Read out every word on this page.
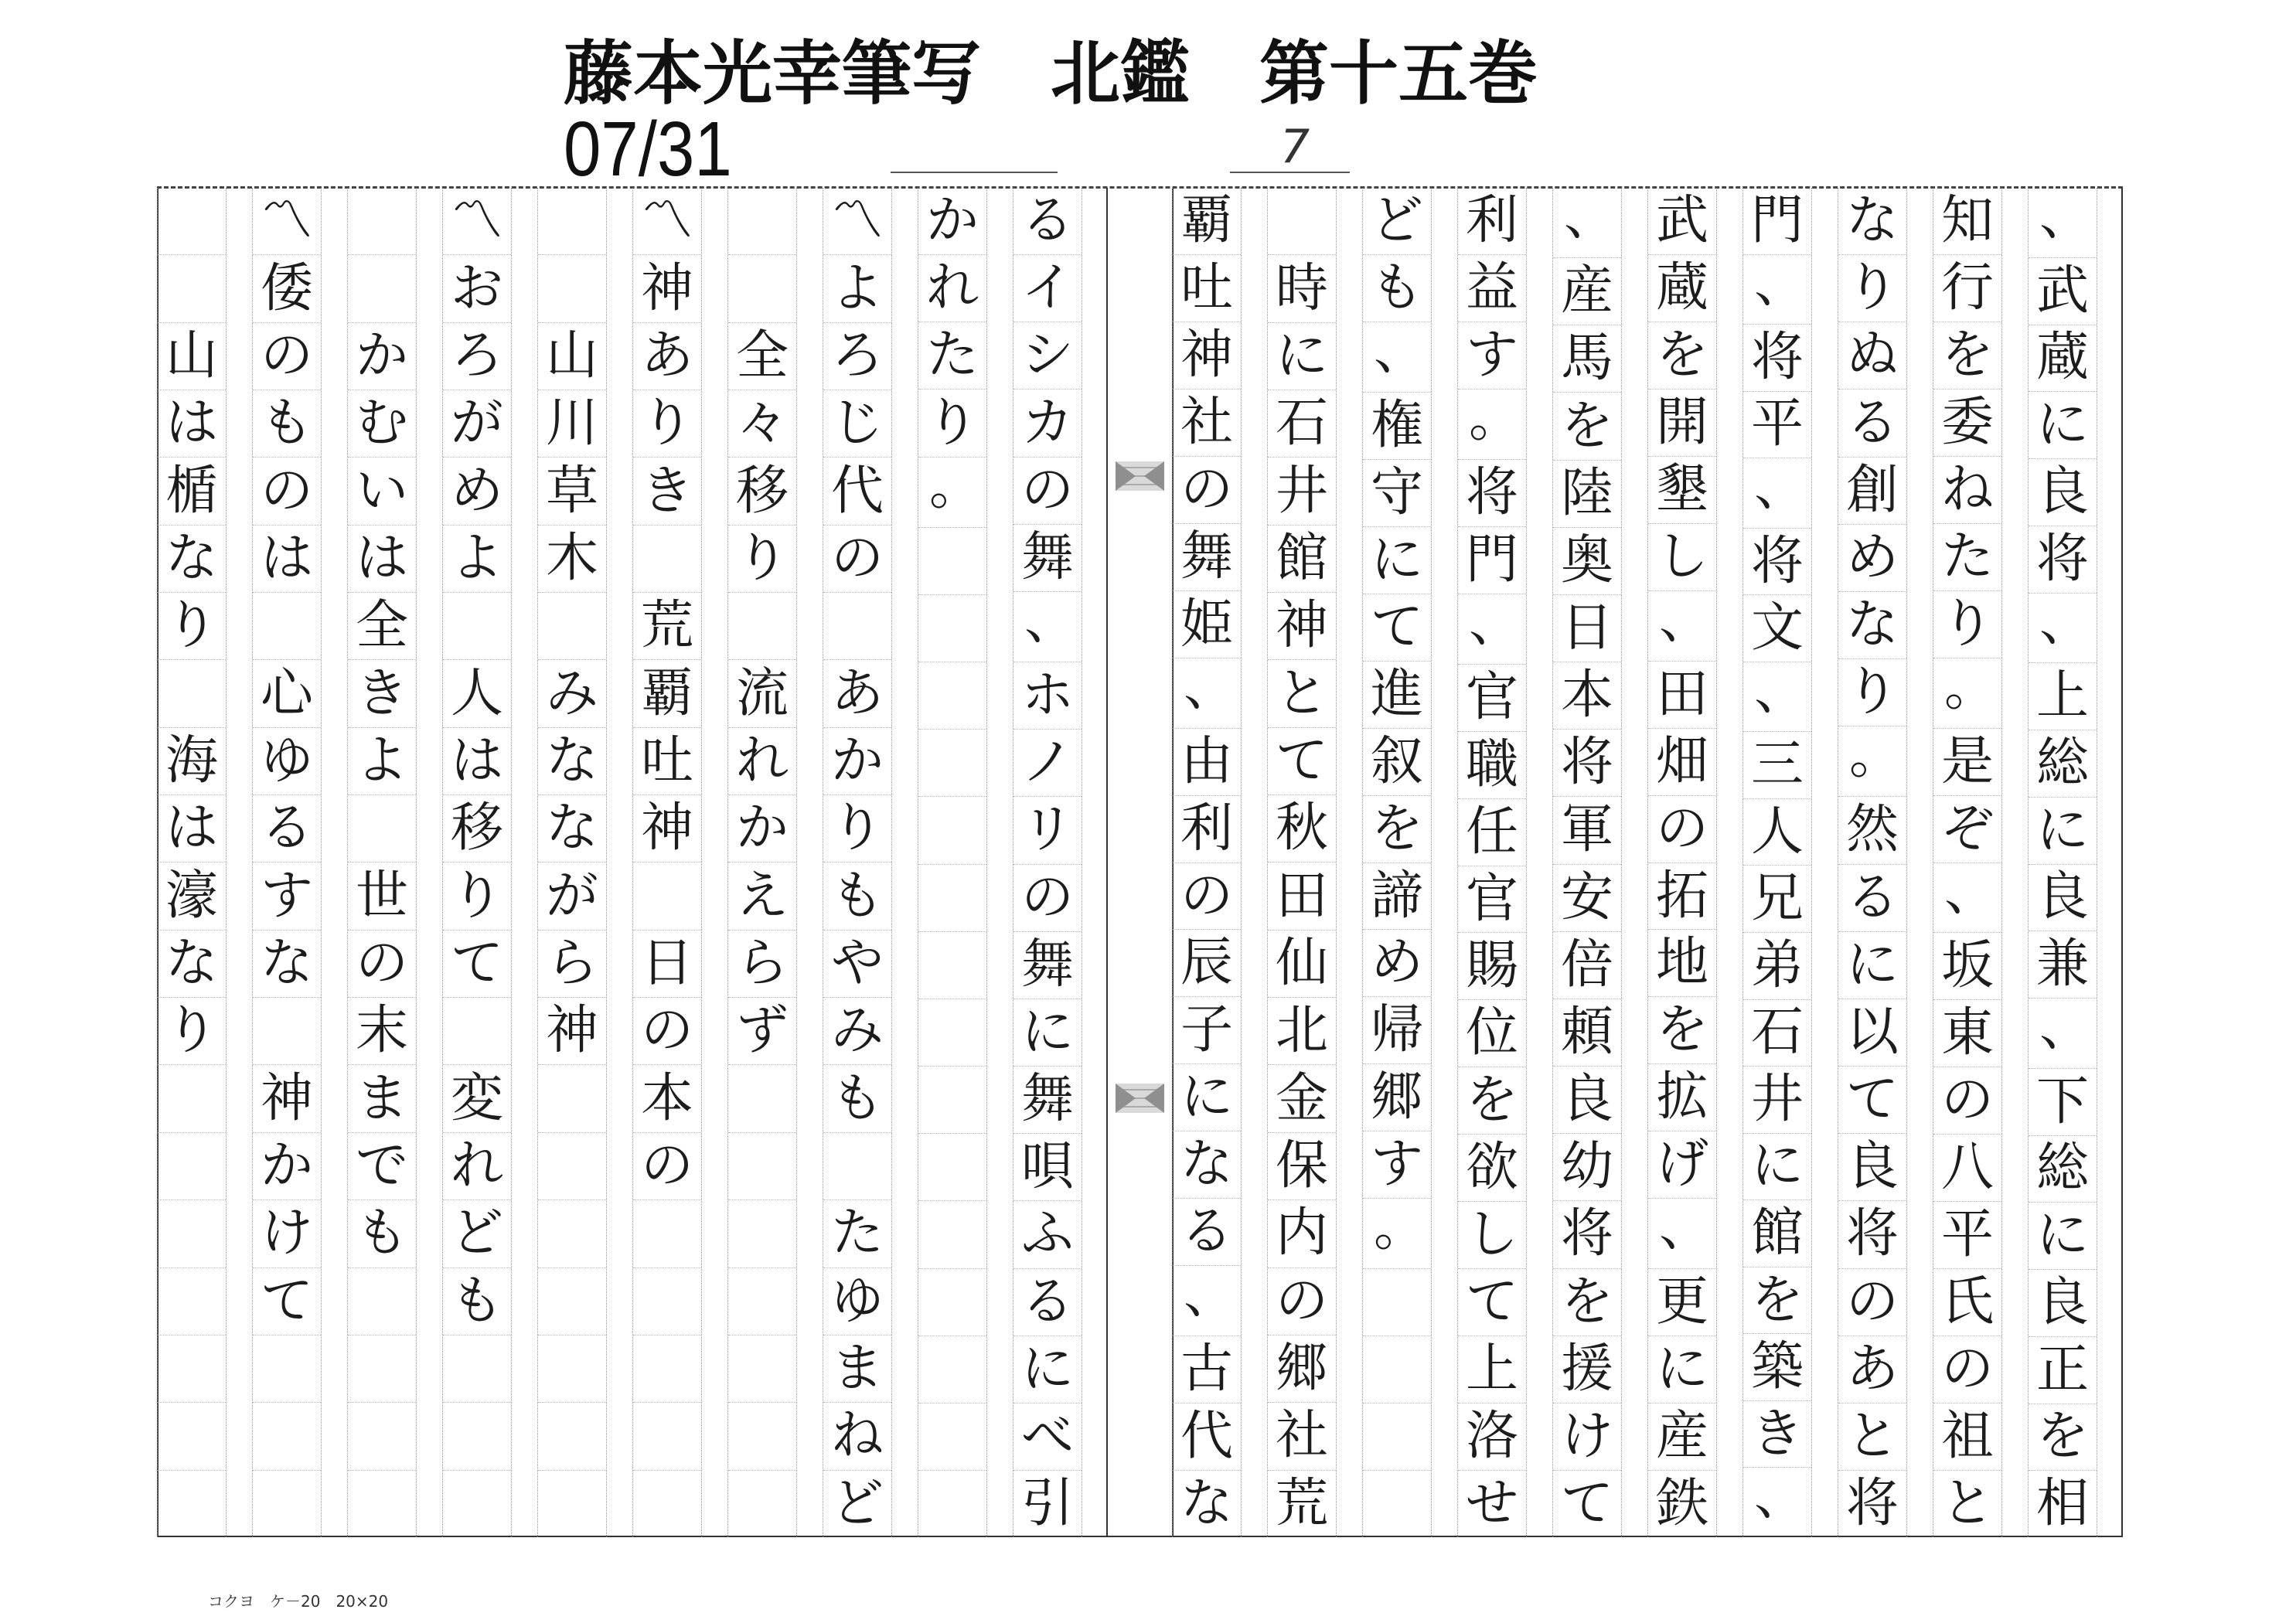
藤本光幸筆写　北鑑　第十五巻
07/31	7
る
イ
シ
カ
の
舞
、
ホ
ノ
リ
の
舞
に
舞
唄
ふ
る
に
べ
引
か
れ
た
り
。
〽
よ
ろ
じ
代
の

あ
か
り
も
や
み
も

た
ゆ
ま
ね
ど

全
々
移
り

流
れ
か
え
ら
ず
〽
神
あ
り
き

荒
覇
吐
神

日
の
本
の

山
川
草
木

み
な
な
が
ら
神
〽
お
ろ
が
め
よ

人
は
移
り
て

変
れ
ど
も

か
む
い
は
全
き
よ

世
の
末
ま
で
も
〽
倭
の
も
の
は

心
ゆ
る
す
な

神
か
け
て

山
は
楯
な
り

海
は
濠
な
り
、
武
蔵
に
良
将
、
上
総
に
良
兼
、
下
総
に
良
正
を
相
知
行
を
委
ね
た
り
。
是
ぞ
、
坂
東
の
八
平
氏
の
祖
と
な
り
ぬ
る
創
め
な
り
。
然
る
に
以
て
良
将
の
あ
と
将
門
、
将
平
、
将
文
、
三
人
兄
弟
石
井
に
館
を
築
き
、
武
蔵
を
開
墾
し
、
田
畑
の
拓
地
を
拡
げ
、
更
に
産
鉄
、
産
馬
を
陸
奥
日
本
将
軍
安
倍
頼
良
幼
将
を
援
け
て
利
益
す
。
将
門
、
官
職
任
官
賜
位
を
欲
し
て
上
洛
せ
ど
も
、
権
守
に
て
進
叙
を
諦
め
帰
郷
す
。

時
に
石
井
館
神
と
て
秋
田
仙
北
金
保
内
の
郷
社
荒
覇
吐
神
社
の
舞
姫
、
由
利
の
辰
子
に
な
る
、
古
代
な
コクヨ　ケ－20　20×20
